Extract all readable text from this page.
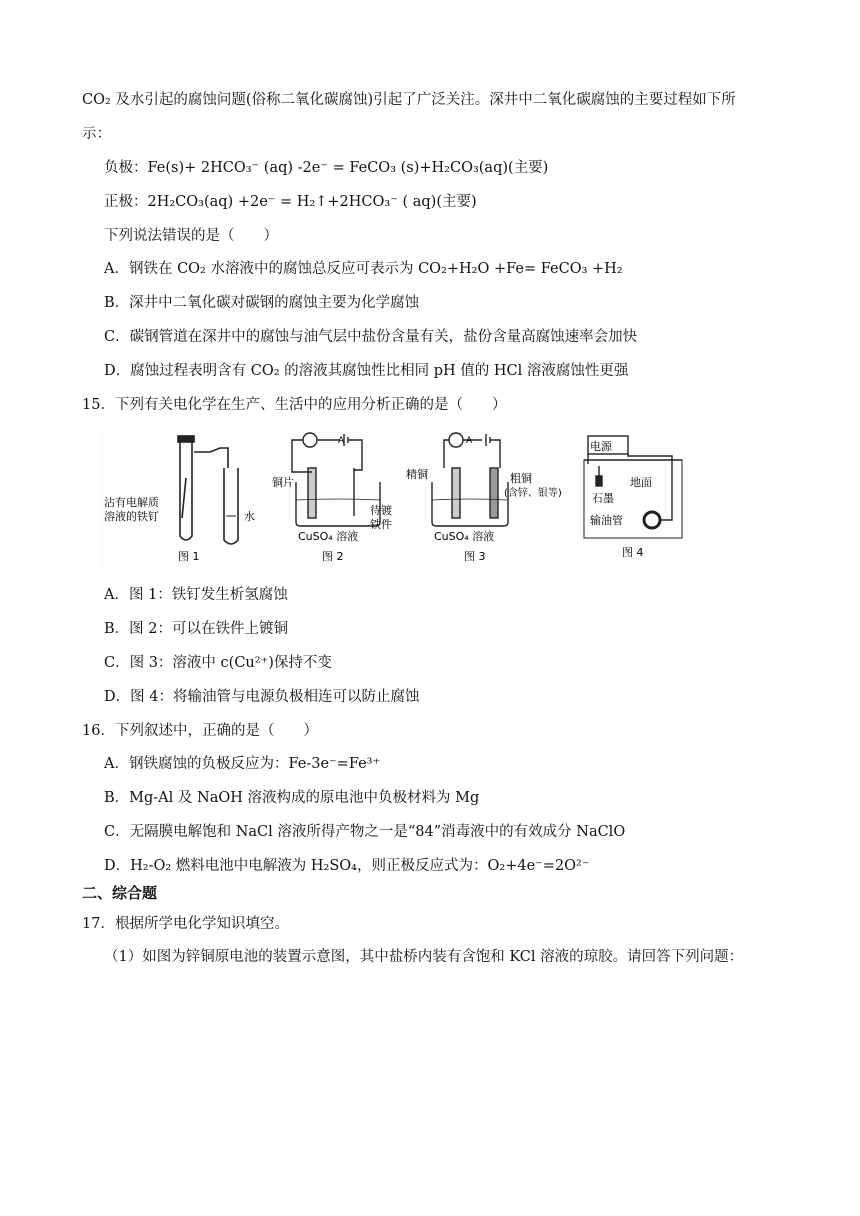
CO₂ 及水引起的腐蚀问题(俗称二氧化碳腐蚀)引起了广泛关注。深井中二氧化碳腐蚀的主要过程如下所
示：
负极：Fe(s)+ 2HCO₃⁻ (aq) -2e⁻ = FeCO₃ (s)+H₂CO₃(aq)(主要)
正极：2H₂CO₃(aq) +2e⁻ = H₂↑+2HCO₃⁻ ( aq)(主要)
下列说法错误的是（　　）
A．钢铁在 CO₂ 水溶液中的腐蚀总反应可表示为 CO₂+H₂O +Fe= FeCO₃ +H₂
B．深井中二氧化碳对碳钢的腐蚀主要为化学腐蚀
C．碳钢管道在深井中的腐蚀与油气层中盐份含量有关，盐份含量高腐蚀速率会加快
D．腐蚀过程表明含有 CO₂ 的溶液其腐蚀性比相同 pH 值的 HCl 溶液腐蚀性更强
15．下列有关电化学在生产、生活中的应用分析正确的是（　　）
沾有电解质
溶液的铁钉	水
图 1
A
铜片
待镀
铁件
CuSO₄ 溶液
图 2
A
精铜	粗铜
(含锌、银等)
CuSO₄ 溶液
图 3
电源
地面
石墨
输油管
图 4
A．图 1：铁钉发生析氢腐蚀
B．图 2：可以在铁件上镀铜
C．图 3：溶液中 c(Cu²⁺)保持不变
D．图 4：将输油管与电源负极相连可以防止腐蚀
16．下列叙述中，正确的是（　　）
A．钢铁腐蚀的负极反应为：Fe-3e⁻=Fe³⁺
B．Mg-Al 及 NaOH 溶液构成的原电池中负极材料为 Mg
C．无隔膜电解饱和 NaCl 溶液所得产物之一是“84”消毒液中的有效成分 NaClO
D．H₂-O₂ 燃料电池中电解液为 H₂SO₄，则正极反应式为：O₂+4e⁻=2O²⁻
二、综合题
17．根据所学电化学知识填空。
（1）如图为锌铜原电池的装置示意图，其中盐桥内装有含饱和 KCl 溶液的琼胶。请回答下列问题：
